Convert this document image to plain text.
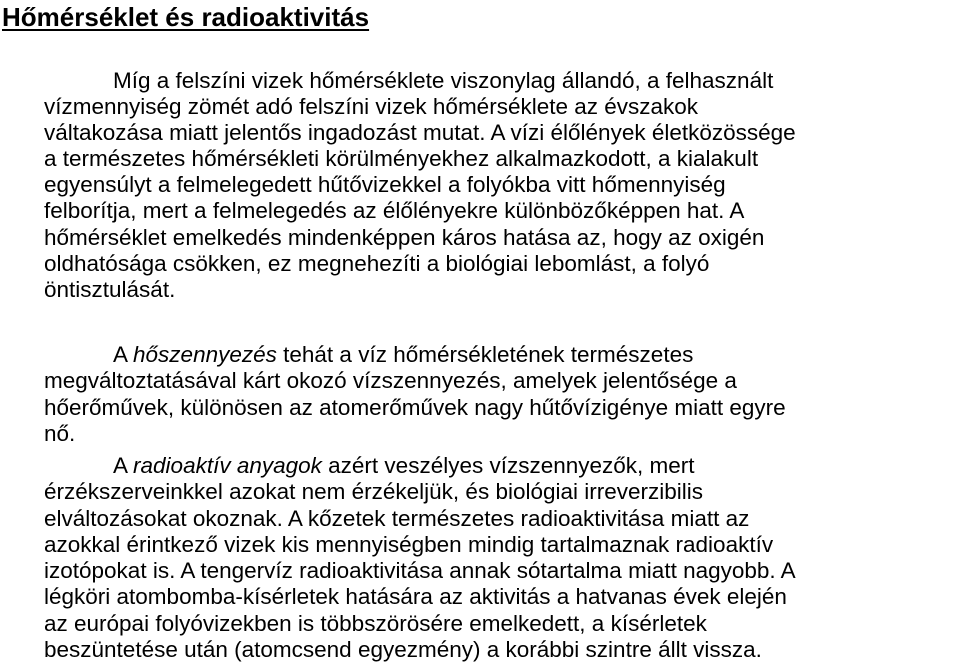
Hőmérséklet és radioaktivitás

Míg a felszíni vizek hőmérséklete viszonylag állandó, a felhasznált
vízmennyiség zömét adó felszíni vizek hőmérséklete az évszakok
váltakozása miatt jelentős ingadozást mutat. A vízi élőlények életközössége
a természetes hőmérsékleti körülményekhez alkalmazkodott, a kialakult
egyensúlyt a felmelegedett hűtővizekkel a folyókba vitt hőmennyiség
felborítja, mert a felmelegedés az élőlényekre különbözőképpen hat. A
hőmérséklet emelkedés mindenképpen káros hatása az, hogy az oxigén
oldhatósága csökken, ez megnehezíti a biológiai lebomlást, a folyó
öntisztulását.

A hőszennyezés tehát a víz hőmérsékletének természetes
megváltoztatásával kárt okozó vízszennyezés, amelyek jelentősége a
hőerőművek, különösen az atomerőművek nagy hűtővízigénye miatt egyre
nő.

A radioaktív anyagok azért veszélyes vízszennyezők, mert
érzékszerveinkkel azokat nem érzékeljük, és biológiai irreverzibilis
elváltozásokat okoznak. A kőzetek természetes radioaktivitása miatt az
azokkal érintkező vizek kis mennyiségben mindig tartalmaznak radioaktív
izotópokat is. A tengervíz radioaktivitása annak sótartalma miatt nagyobb. A
légköri atombomba-kísérletek hatására az aktivitás a hatvanas évek elején
az európai folyóvizekben is többszörösére emelkedett, a kísérletek
beszüntetése után (atomcsend egyezmény) a korábbi szintre állt vissza.
